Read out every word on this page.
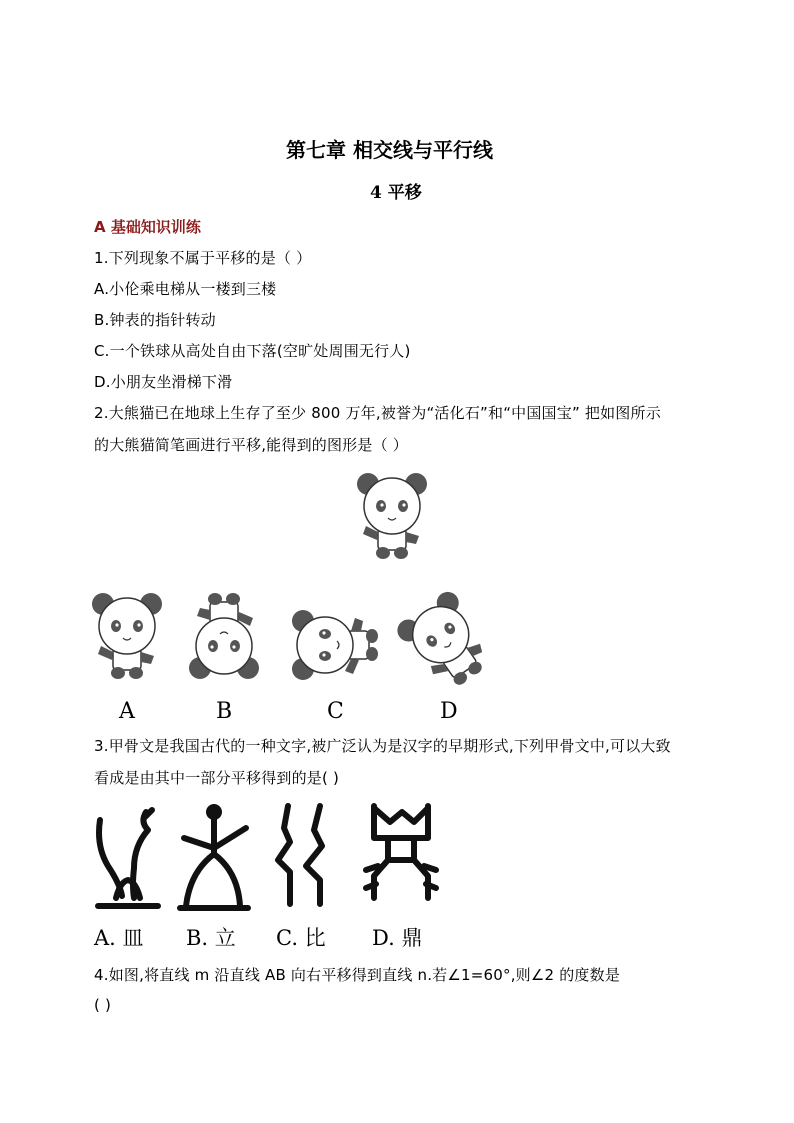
第七章 相交线与平行线
4 平移
A 基础知识训练
1.下列现象不属于平移的是（ ）
A.小伦乘电梯从一楼到三楼
B.钟表的指针转动
C.一个铁球从高处自由下落(空旷处周围无行人)
D.小朋友坐滑梯下滑
2.大熊猫已在地球上生存了至少 800 万年,被誉为“活化石”和“中国国宝” 把如图所示
的大熊猫简笔画进行平移,能得到的图形是（ ）
A	B	C	D
3.甲骨文是我国古代的一种文字,被广泛认为是汉字的早期形式,下列甲骨文中,可以大致
看成是由其中一部分平移得到的是( )
A. 皿 B. 立 C. 比 D. 鼎
4.如图,将直线 m 沿直线 AB 向右平移得到直线 n.若∠1=60°,则∠2 的度数是
( )
